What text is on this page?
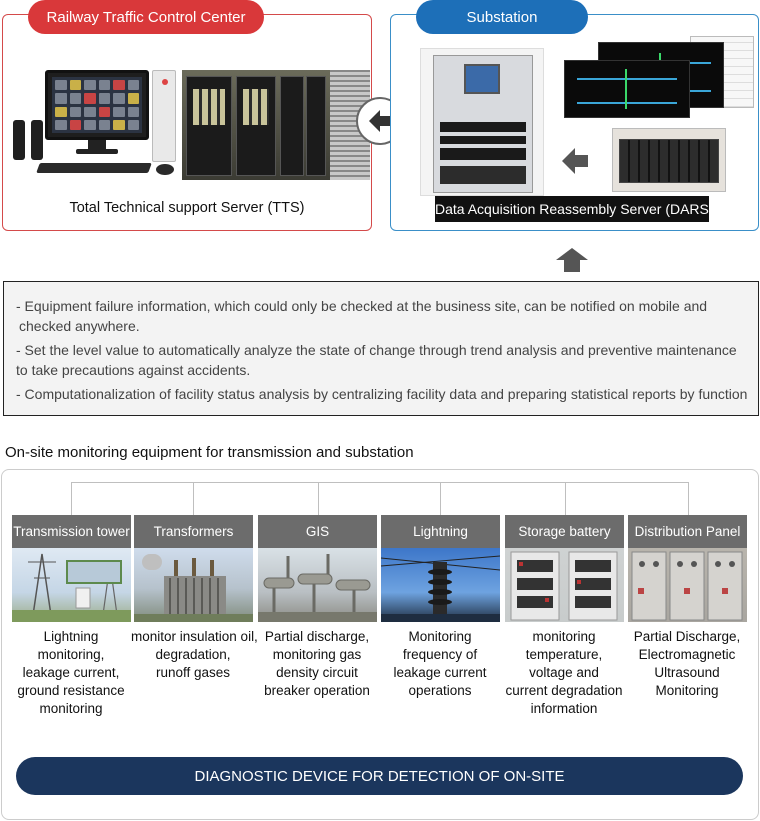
Railway Traffic Control Center
Total Technical support Server (TTS)
Substation
Data Acquisition Reassembly Server (DARS)
- Equipment failure information, which could only be checked at the business site, can be notified on mobile and
checked anywhere.
- Set the level value to automatically analyze the state of change through trend analysis and preventive maintenance
to take precautions against accidents.
- Computationalization of facility status analysis by centralizing facility data and preparing statistical reports by function
On-site monitoring equipment for transmission and substation
Transmission tower
Lightning
monitoring,
leakage current,
ground resistance
monitoring
Transformers
monitor insulation oil,
degradation,
runoff gases
GIS
Partial discharge,
monitoring gas
density circuit
breaker operation
Lightning
Monitoring
frequency of
leakage current
operations
Storage battery
monitoring
temperature,
voltage and
current degradation
information
Distribution Panel
Partial Discharge,
Electromagnetic
Ultrasound
Monitoring
DIAGNOSTIC DEVICE FOR DETECTION OF ON-SITE
